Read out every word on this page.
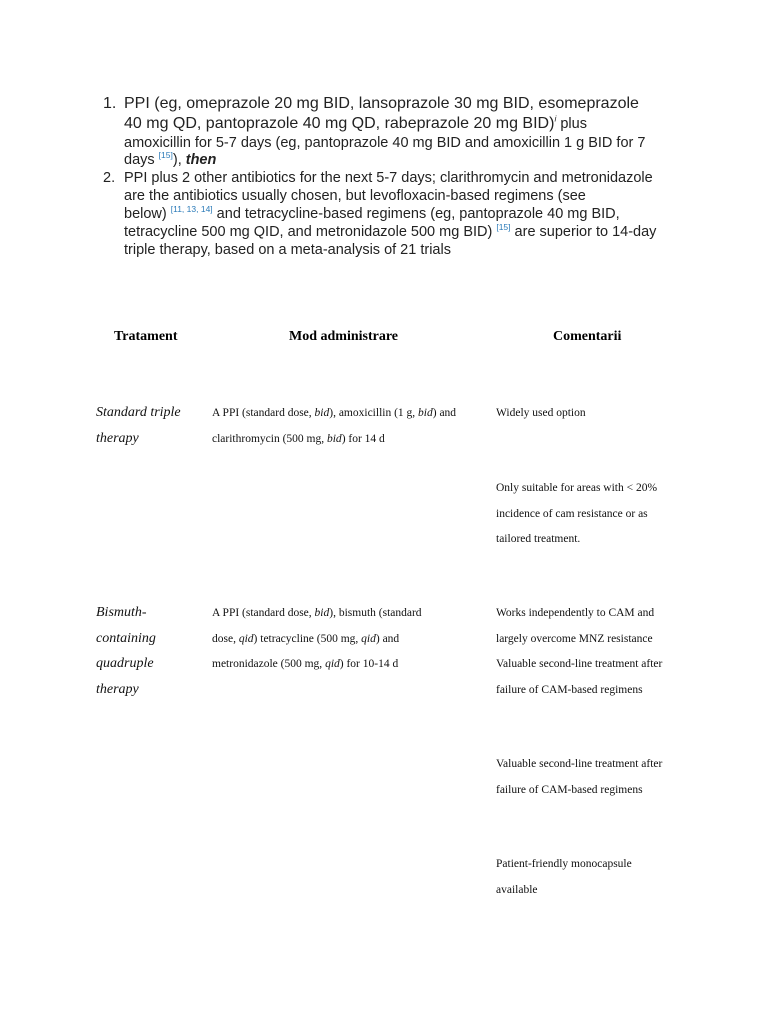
1. PPI (eg, omeprazole 20 mg BID, lansoprazole 30 mg BID, esomeprazole
40 mg QD, pantoprazole 40 mg QD, rabeprazole 20 mg BID)$^i$ plus
amoxicillin for 5-7 days (eg, pantoprazole 40 mg BID and amoxicillin 1 g BID for 7
days [15]), then
2. PPI plus 2 other antibiotics for the next 5-7 days; clarithromycin and metronidazole
are the antibiotics usually chosen, but levofloxacin-based regimens (see
below) [11, 13, 14] and tetracycline-based regimens (eg, pantoprazole 40 mg BID,
tetracycline 500 mg QID, and metronidazole 500 mg BID) [15] are superior to 14-day
triple therapy, based on a meta-analysis of 21 trials
Tratament	Mod administrare	Comentarii
Standard triple
therapy
A PPI (standard dose, bid), amoxicillin (1 g, bid) and
clarithromycin (500 mg, bid) for 14 d
Widely used option
Only suitable for areas with < 20%
incidence of cam resistance or as
tailored treatment.
Bismuth-
containing
quadruple
therapy
A PPI (standard dose, bid), bismuth (standard
dose, qid) tetracycline (500 mg, qid) and
metronidazole (500 mg, qid) for 10-14 d
Works independently to CAM and
largely overcome MNZ resistance
Valuable second-line treatment after
failure of CAM-based regimens
Valuable second-line treatment after
failure of CAM-based regimens
Patient-friendly monocapsule
available
